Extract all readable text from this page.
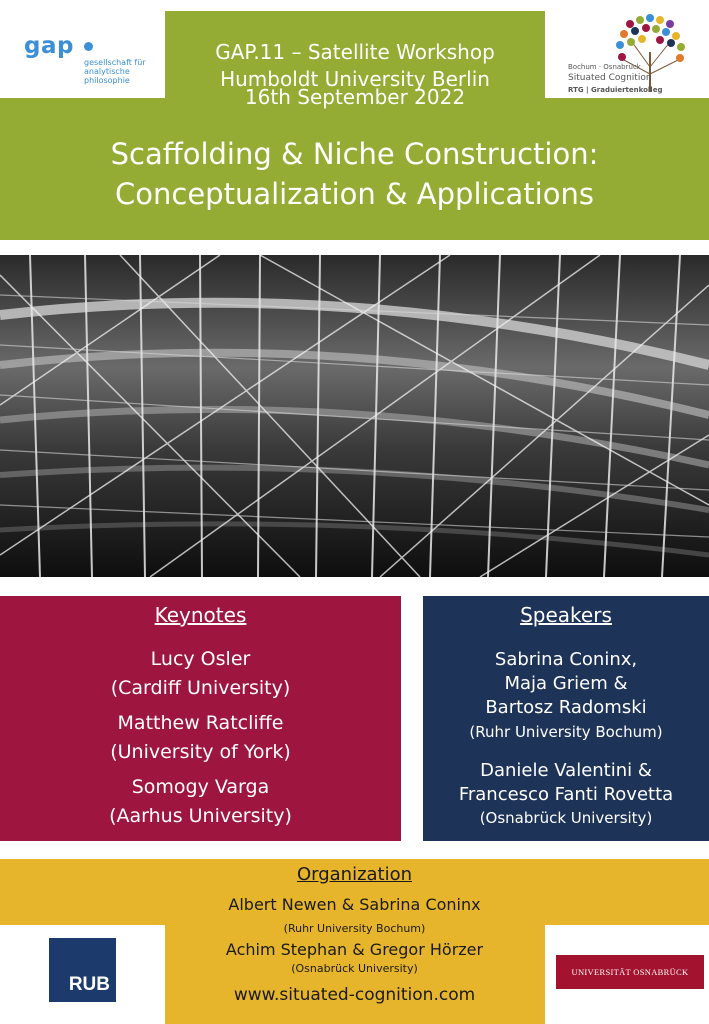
GAP.11 – Satellite Workshop
Humboldt University Berlin
16th September 2022
Scaffolding & Niche Construction:
Conceptualization & Applications
gap
gesellschaft für
analytische
philosophie
Bochum · Osnabrück
Situated Cognition
RTG | Graduiertenkolleg
Keynotes
Lucy Osler
(Cardiff University)
Matthew Ratcliffe
(University of York)
Somogy Varga
(Aarhus University)
Speakers
Sabrina Coninx,
Maja Griem &
Bartosz Radomski
(Ruhr University Bochum)
Daniele Valentini &
Francesco Fanti Rovetta
(Osnabrück University)
Organization
Albert Newen & Sabrina Coninx
(Ruhr University Bochum)
Achim Stephan & Gregor Hörzer
(Osnabrück University)
www.situated-cognition.com
RUB
UNIVERSITÄT OSNABRÜCK
